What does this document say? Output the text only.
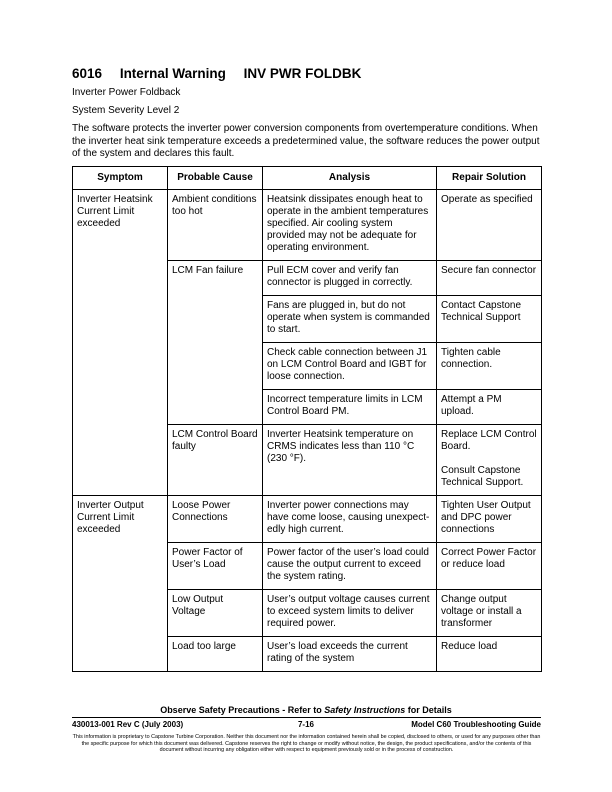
6016 Internal Warning INV PWR FOLDBK
Inverter Power Foldback
System Severity Level 2
The software protects the inverter power conversion components from overtemperature conditions. When the inverter heat sink temperature exceeds a predetermined value, the software reduces the power output of the system and declares this fault.
Symptom	Probable Cause	Analysis	Repair Solution
Inverter Heatsink Current Limit exceeded	Ambient conditions too hot	Heatsink dissipates enough heat to operate in the ambient temperatures specified. Air cooling system provided may not be adequate for operating environment.	Operate as specified
	LCM Fan failure	Pull ECM cover and verify fan connector is plugged in correctly.	Secure fan connector
		Fans are plugged in, but do not operate when system is commanded to start.	Contact Capstone Technical Support
		Check cable connection between J1 on LCM Control Board and IGBT for loose connection.	Tighten cable connection.
		Incorrect temperature limits in LCM Control Board PM.	Attempt a PM upload.
	LCM Control Board faulty	Inverter Heatsink temperature on CRMS indicates less than 110 °C (230 °F).	Replace LCM Control Board.
Consult Capstone Technical Support.
Inverter Output Current Limit exceeded	Loose Power Connections	Inverter power connections may have come loose, causing unexpect-edly high current.	Tighten User Output and DPC power connections
	Power Factor of User’s Load	Power factor of the user’s load could cause the output current to exceed the system rating.	Correct Power Factor or reduce load
	Low Output Voltage	User’s output voltage causes current to exceed system limits to deliver required power.	Change output voltage or install a transformer
	Load too large	User’s load exceeds the current rating of the system	Reduce load
Observe Safety Precautions - Refer to Safety Instructions for Details
430013-001 Rev C (July 2003)	7-16	Model C60 Troubleshooting Guide
This information is proprietary to Capstone Turbine Corporation. Neither this document nor the information contained herein shall be copied, disclosed to others, or used for any purposes other than the specific purpose for which this document was delivered. Capstone reserves the right to change or modify without notice, the design, the product specifications, and/or the contents of this document without incurring any obligation either with respect to equipment previously sold or in the process of construction.
